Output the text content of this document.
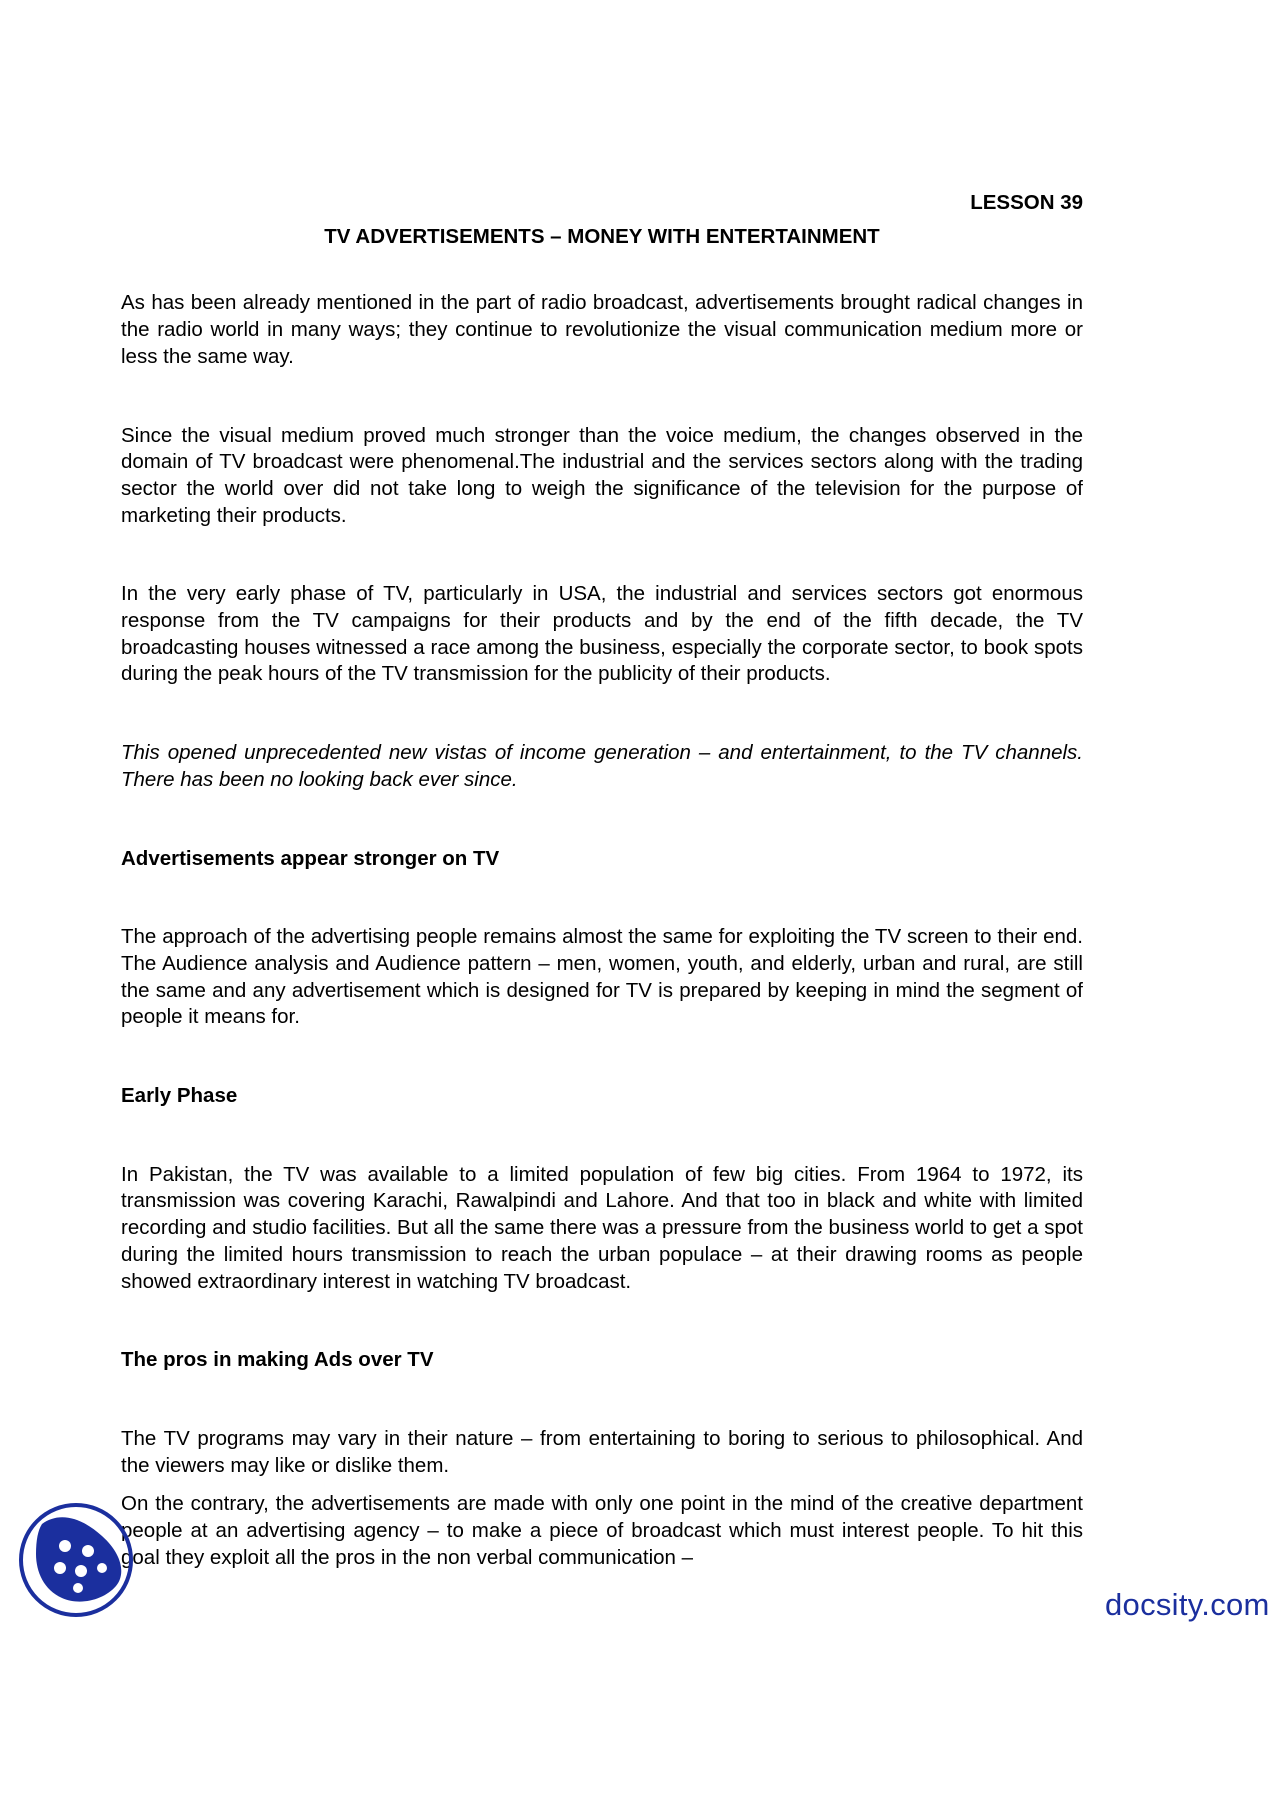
LESSON 39
TV ADVERTISEMENTS – MONEY WITH ENTERTAINMENT

As has been already mentioned in the part of radio broadcast, advertisements brought radical changes in the radio world in many ways; they continue to revolutionize the visual communication medium more or less the same way.

Since the visual medium proved much stronger than the voice medium, the changes observed in the domain of TV broadcast were phenomenal.The industrial and the services sectors along with the trading sector the world over did not take long to weigh the significance of the television for the purpose of marketing their products.

In the very early phase of TV, particularly in USA, the industrial and services sectors got enormous response from the TV campaigns for their products and by the end of the fifth decade, the TV broadcasting houses witnessed a race among the business, especially the corporate sector, to book spots during the peak hours of the TV transmission for the publicity of their products.

This opened unprecedented new vistas of income generation – and entertainment, to the TV channels. There has been no looking back ever since.

Advertisements appear stronger on TV

The approach of the advertising people remains almost the same for exploiting the TV screen to their end. The Audience analysis and Audience pattern – men, women, youth, and elderly, urban and rural, are still the same and any advertisement which is designed for TV is prepared by keeping in mind the segment of people it means for.

Early Phase

In Pakistan, the TV was available to a limited population of few big cities. From 1964 to 1972, its transmission was covering Karachi, Rawalpindi and Lahore. And that too in black and white with limited recording and studio facilities. But all the same there was a pressure from the business world to get a spot during the limited hours transmission to reach the urban populace – at their drawing rooms as people showed extraordinary interest in watching TV broadcast.

The pros in making Ads over TV

The TV programs may vary in their nature – from entertaining to boring to serious to philosophical. And the viewers may like or dislike them.

On the contrary, the advertisements are made with only one point in the mind of the creative department people at an advertising agency – to make a piece of broadcast which must interest people. To hit this goal they exploit all the pros in the non verbal communication –

docsity.com
